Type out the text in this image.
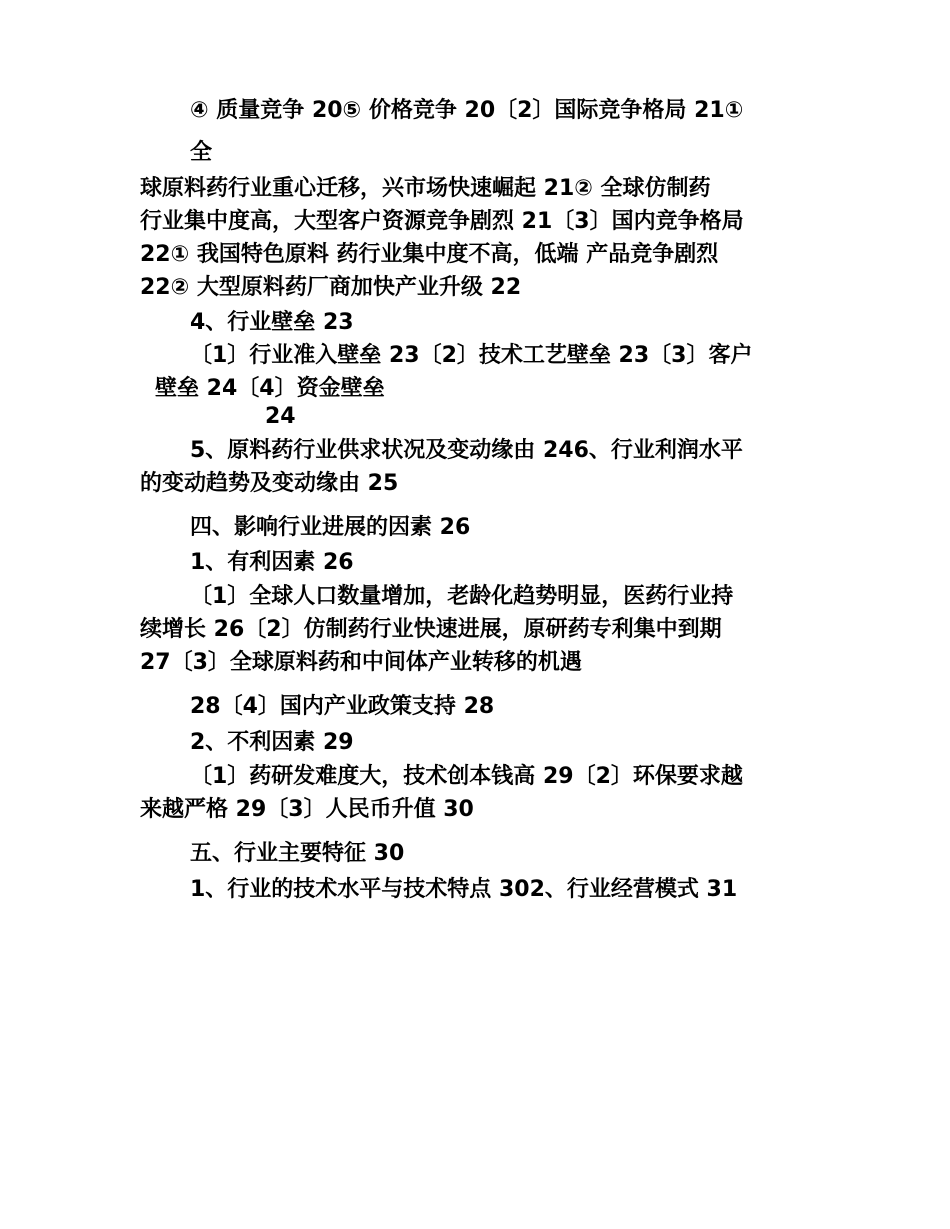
④ 质量竞争 20⑤ 价格竞争 20〔2〕国际竞争格局 21①
全
球原料药行业重心迁移，兴市场快速崛起 21② 全球仿制药
行业集中度高，大型客户资源竞争剧烈 21〔3〕国内竞争格局
22① 我国特色原料 药行业集中度不高，低端 产品竞争剧烈
22② 大型原料药厂商加快产业升级 22
4、行业壁垒 23
〔1〕行业准入壁垒 23〔2〕技术工艺壁垒 23〔3〕客户
壁垒 24〔4〕资金壁垒
24
5、原料药行业供求状况及变动缘由 246、行业利润水平
的变动趋势及变动缘由 25
四、影响行业进展的因素 26
1、有利因素 26
〔1〕全球人口数量增加，老龄化趋势明显，医药行业持
续增长 26〔2〕仿制药行业快速进展，原研药专利集中到期
27〔3〕全球原料药和中间体产业转移的机遇
28〔4〕国内产业政策支持 28
2、不利因素 29
〔1〕药研发难度大，技术创本钱高 29〔2〕环保要求越
来越严格 29〔3〕人民币升值 30
五、行业主要特征 30
1、行业的技术水平与技术特点 302、行业经营模式 31
